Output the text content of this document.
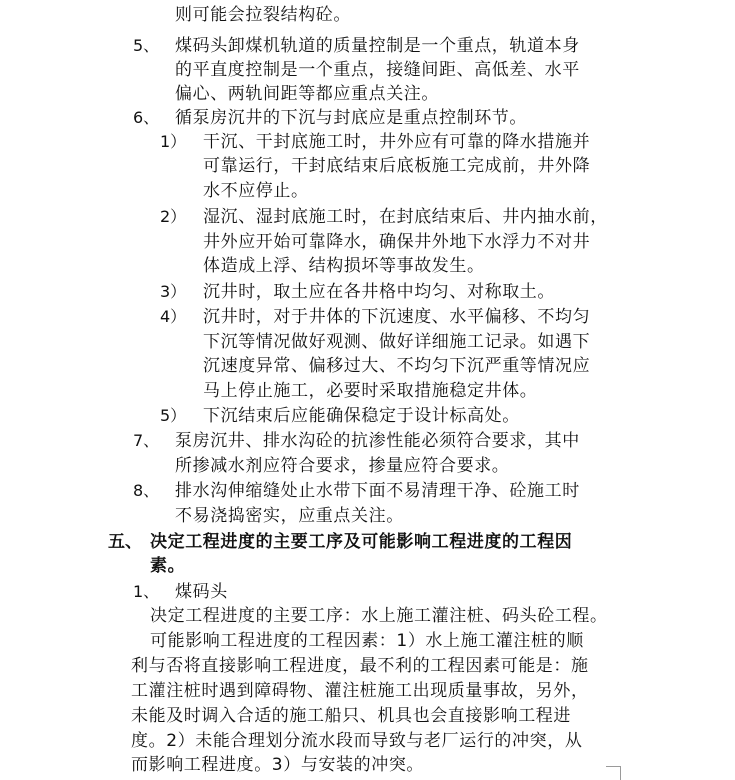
则可能会拉裂结构砼。
5、 煤码头卸煤机轨道的质量控制是一个重点，轨道本身
的平直度控制是一个重点，接缝间距、高低差、水平
偏心、两轨间距等都应重点关注。
6、 循泵房沉井的下沉与封底应是重点控制环节。
1） 干沉、干封底施工时，井外应有可靠的降水措施并
可靠运行，干封底结束后底板施工完成前，井外降
水不应停止。
2） 湿沉、湿封底施工时，在封底结束后、井内抽水前，
井外应开始可靠降水，确保井外地下水浮力不对井
体造成上浮、结构损坏等事故发生。
3） 沉井时，取土应在各井格中均匀、对称取土。
4） 沉井时，对于井体的下沉速度、水平偏移、不均匀
下沉等情况做好观测、做好详细施工记录。如遇下
沉速度异常、偏移过大、不均匀下沉严重等情况应
马上停止施工，必要时采取措施稳定井体。
5） 下沉结束后应能确保稳定于设计标高处。
7、 泵房沉井、排水沟砼的抗渗性能必须符合要求，其中
所掺减水剂应符合要求，掺量应符合要求。
8、 排水沟伸缩缝处止水带下面不易清理干净、砼施工时
不易浇捣密实，应重点关注。
五、 决定工程进度的主要工序及可能影响工程进度的工程因
素。
1、 煤码头
决定工程进度的主要工序：水上施工灌注桩、码头砼工程。
可能影响工程进度的工程因素：1）水上施工灌注桩的顺
利与否将直接影响工程进度，最不利的工程因素可能是：施
工灌注桩时遇到障碍物、灌注桩施工出现质量事故，另外，
未能及时调入合适的施工船只、机具也会直接影响工程进
度。2）未能合理划分流水段而导致与老厂运行的冲突，从
而影响工程进度。3）与安装的冲突。
